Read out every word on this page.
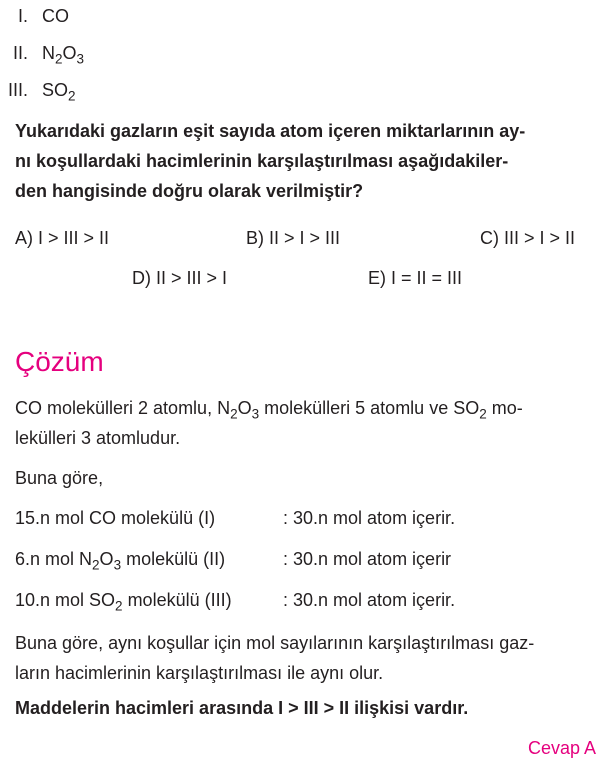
I. CO
II. $N_2O_3$
III. $SO_2$
Yukarıdaki gazların eşit sayıda atom içeren miktarlarının ay-
nı koşullardaki hacimlerinin karşılaştırılması aşağıdakiler-
den hangisinde doğru olarak verilmiştir?
A) I > III > II	B) II > I > III	C) III > I > II
D) II > III > I	E) I = II = III
Çözüm
CO molekülleri 2 atomlu, $N_2O_3$ molekülleri 5 atomlu ve $SO_2$ mo-
lekülleri 3 atomludur.
Buna göre,
15.n mol CO molekülü (I)	: 30.n mol atom içerir.
6.n mol $N_2O_3$ molekülü (II)	: 30.n mol atom içerir
10.n mol $SO_2$ molekülü (III)	: 30.n mol atom içerir.
Buna göre, aynı koşullar için mol sayılarının karşılaştırılması gaz-
ların hacimlerinin karşılaştırılması ile aynı olur.
Maddelerin hacimleri arasında I > III > II ilişkisi vardır.
Cevap A
